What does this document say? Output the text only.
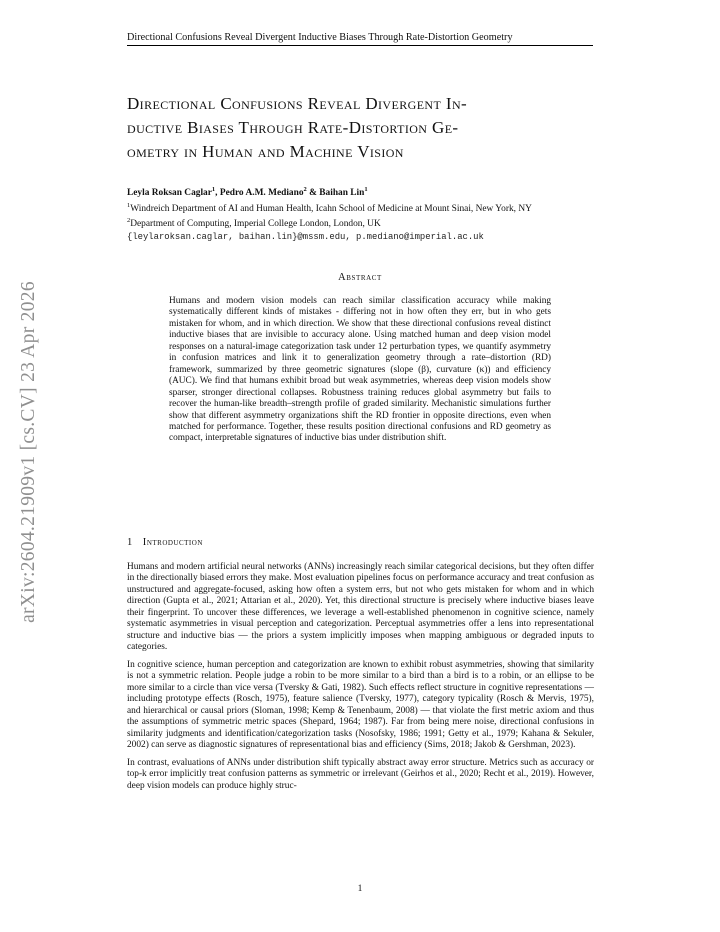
Directional Confusions Reveal Divergent Inductive Biases Through Rate-Distortion Geometry
arXiv:2604.21909v1 [cs.CV] 23 Apr 2026
Directional Confusions Reveal Divergent In-
ductive Biases Through Rate-Distortion Ge-
ometry in Human and Machine Vision
Leyla Roksan Caglar$^1$, Pedro A.M. Mediano$^2$ & Baihan Lin$^1$
$^1$Windreich Department of AI and Human Health, Icahn School of Medicine at Mount Sinai, New York, NY
$^2$Department of Computing, Imperial College London, London, UK
{leylaroksan.caglar, baihan.lin}@mssm.edu, p.mediano@imperial.ac.uk
Abstract

Humans and modern vision models can reach similar classification accuracy while making systematically different kinds of mistakes - differing not in how often they err, but in who gets mistaken for whom, and in which direction. We show that these directional confusions reveal distinct inductive biases that are invisible to accuracy alone. Using matched human and deep vision model responses on a natural-image categorization task under 12 perturbation types, we quantify asymmetry in confusion matrices and link it to generalization geometry through a rate–distortion (RD) framework, summarized by three geometric signatures (slope (β), curvature (κ)) and efficiency (AUC). We find that humans exhibit broad but weak asymmetries, whereas deep vision models show sparser, stronger directional collapses. Robustness training reduces global asymmetry but fails to recover the human-like breadth–strength profile of graded similarity. Mechanistic simulations further show that different asymmetry organizations shift the RD frontier in opposite directions, even when matched for performance. Together, these results position directional confusions and RD geometry as compact, interpretable signatures of inductive bias under distribution shift.

1 Introduction

Humans and modern artificial neural networks (ANNs) increasingly reach similar categorical decisions, but they often differ in the directionally biased errors they make. Most evaluation pipelines focus on performance accuracy and treat confusion as unstructured and aggregate-focused, asking how often a system errs, but not who gets mistaken for whom and in which direction (Gupta et al., 2021; Attarian et al., 2020). Yet, this directional structure is precisely where inductive biases leave their fingerprint. To uncover these differences, we leverage a well-established phenomenon in cognitive science, namely systematic asymmetries in visual perception and categorization. Perceptual asymmetries offer a lens into representational structure and inductive bias — the priors a system implicitly imposes when mapping ambiguous or degraded inputs to categories.

In cognitive science, human perception and categorization are known to exhibit robust asymmetries, showing that similarity is not a symmetric relation. People judge a robin to be more similar to a bird than a bird is to a robin, or an ellipse to be more similar to a circle than vice versa (Tversky & Gati, 1982). Such effects reflect structure in cognitive representations — including prototype effects (Rosch, 1975), feature salience (Tversky, 1977), category typicality (Rosch & Mervis, 1975), and hierarchical or causal priors (Sloman, 1998; Kemp & Tenenbaum, 2008) — that violate the first metric axiom and thus the assumptions of symmetric metric spaces (Shepard, 1964; 1987). Far from being mere noise, directional confusions in similarity judgments and identification/categorization tasks (Nosofsky, 1986; 1991; Getty et al., 1979; Kahana & Sekuler, 2002) can serve as diagnostic signatures of representational bias and efficiency (Sims, 2018; Jakob & Gershman, 2023).

In contrast, evaluations of ANNs under distribution shift typically abstract away error structure. Metrics such as accuracy or top-k error implicitly treat confusion patterns as symmetric or irrelevant (Geirhos et al., 2020; Recht et al., 2019). However, deep vision models can produce highly struc-

1
